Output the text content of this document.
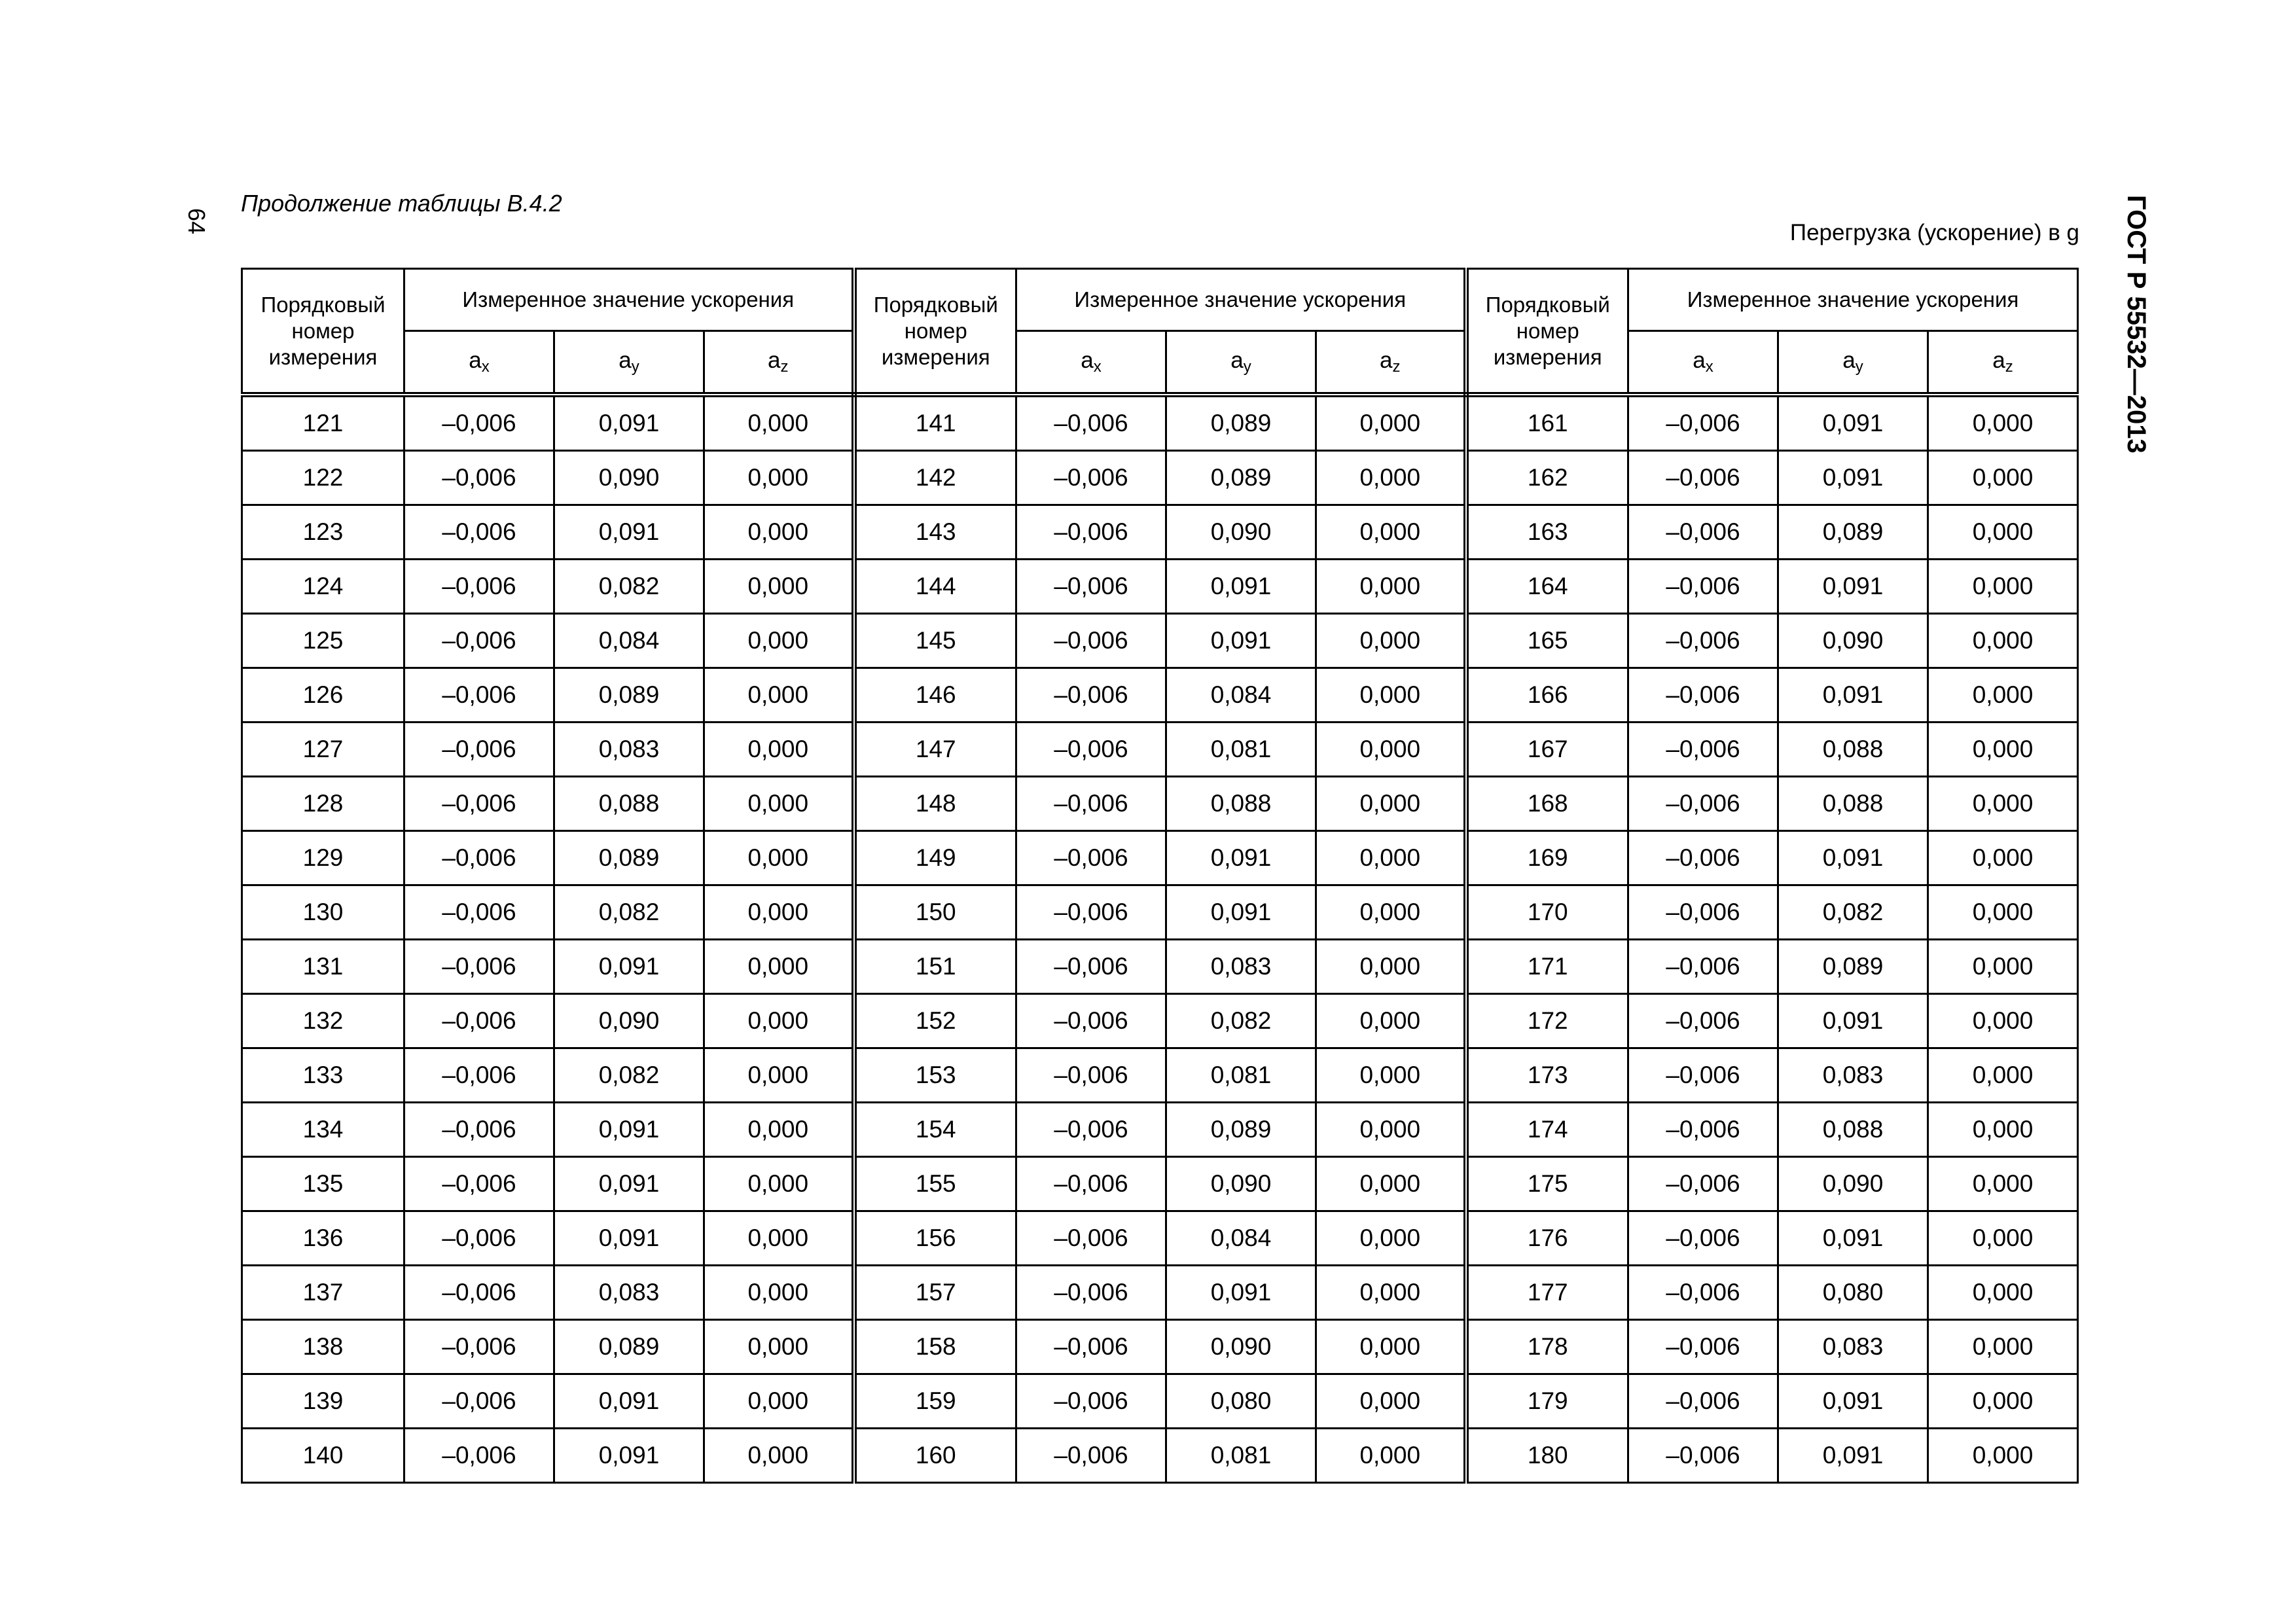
64
Продолжение таблицы В.4.2
Перегрузка (ускорение) в g ГОСТ Р 55532—2013
Порядковый номер измерения	Измеренное значение ускорения			Порядковый номер измерения	Измеренное значение ускорения			Порядковый номер измерения	Измеренное значение ускорения		
	$a_x$	$a_y$	$a_z$		$a_x$	$a_y$	$a_z$		$a_x$	$a_y$	$a_z$
121	–0,006	0,091	0,000	141	–0,006	0,089	0,000	161	–0,006	0,091	0,000
122	–0,006	0,090	0,000	142	–0,006	0,089	0,000	162	–0,006	0,091	0,000
123	–0,006	0,091	0,000	143	–0,006	0,090	0,000	163	–0,006	0,089	0,000
124	–0,006	0,082	0,000	144	–0,006	0,091	0,000	164	–0,006	0,091	0,000
125	–0,006	0,084	0,000	145	–0,006	0,091	0,000	165	–0,006	0,090	0,000
126	–0,006	0,089	0,000	146	–0,006	0,084	0,000	166	–0,006	0,091	0,000
127	–0,006	0,083	0,000	147	–0,006	0,081	0,000	167	–0,006	0,088	0,000
128	–0,006	0,088	0,000	148	–0,006	0,088	0,000	168	–0,006	0,088	0,000
129	–0,006	0,089	0,000	149	–0,006	0,091	0,000	169	–0,006	0,091	0,000
130	–0,006	0,082	0,000	150	–0,006	0,091	0,000	170	–0,006	0,082	0,000
131	–0,006	0,091	0,000	151	–0,006	0,083	0,000	171	–0,006	0,089	0,000
132	–0,006	0,090	0,000	152	–0,006	0,082	0,000	172	–0,006	0,091	0,000
133	–0,006	0,082	0,000	153	–0,006	0,081	0,000	173	–0,006	0,083	0,000
134	–0,006	0,091	0,000	154	–0,006	0,089	0,000	174	–0,006	0,088	0,000
135	–0,006	0,091	0,000	155	–0,006	0,090	0,000	175	–0,006	0,090	0,000
136	–0,006	0,091	0,000	156	–0,006	0,084	0,000	176	–0,006	0,091	0,000
137	–0,006	0,083	0,000	157	–0,006	0,091	0,000	177	–0,006	0,080	0,000
138	–0,006	0,089	0,000	158	–0,006	0,090	0,000	178	–0,006	0,083	0,000
139	–0,006	0,091	0,000	159	–0,006	0,080	0,000	179	–0,006	0,091	0,000
140	–0,006	0,091	0,000	160	–0,006	0,081	0,000	180	–0,006	0,091	0,000
